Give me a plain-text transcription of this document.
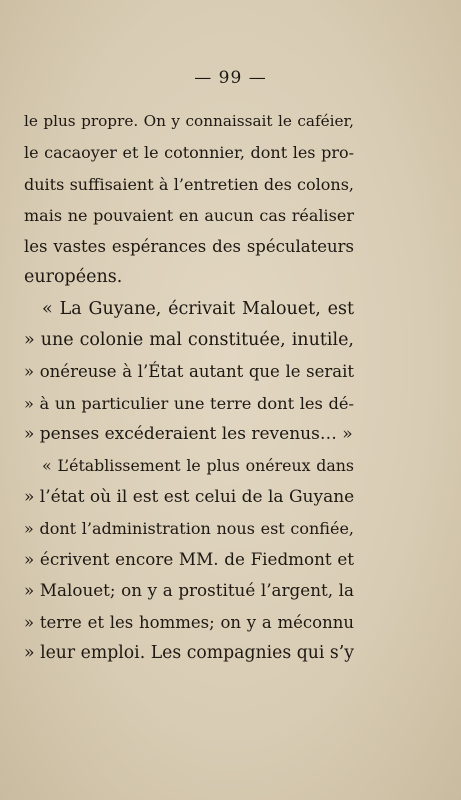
— 99 —
le plus propre. On y connaissait le caféier,
le cacaoyer et le cotonnier, dont les pro-
duits suffisaient à l’entretien des colons,
mais ne pouvaient en aucun cas réaliser
les vastes espérances des spéculateurs
européens.
« La Guyane, écrivait Malouet, est
» une colonie mal constituée, inutile,
» onéreuse à l’État autant que le serait
» à un particulier une terre dont les dé-
» penses excéderaient les revenus… »
« L’établissement le plus onéreux dans
» l’état où il est est celui de la Guyane
» dont l’administration nous est confiée,
» écrivent encore MM. de Fiedmont et
» Malouet; on y a prostitué l’argent, la
» terre et les hommes; on y a méconnu
» leur emploi. Les compagnies qui s’y
